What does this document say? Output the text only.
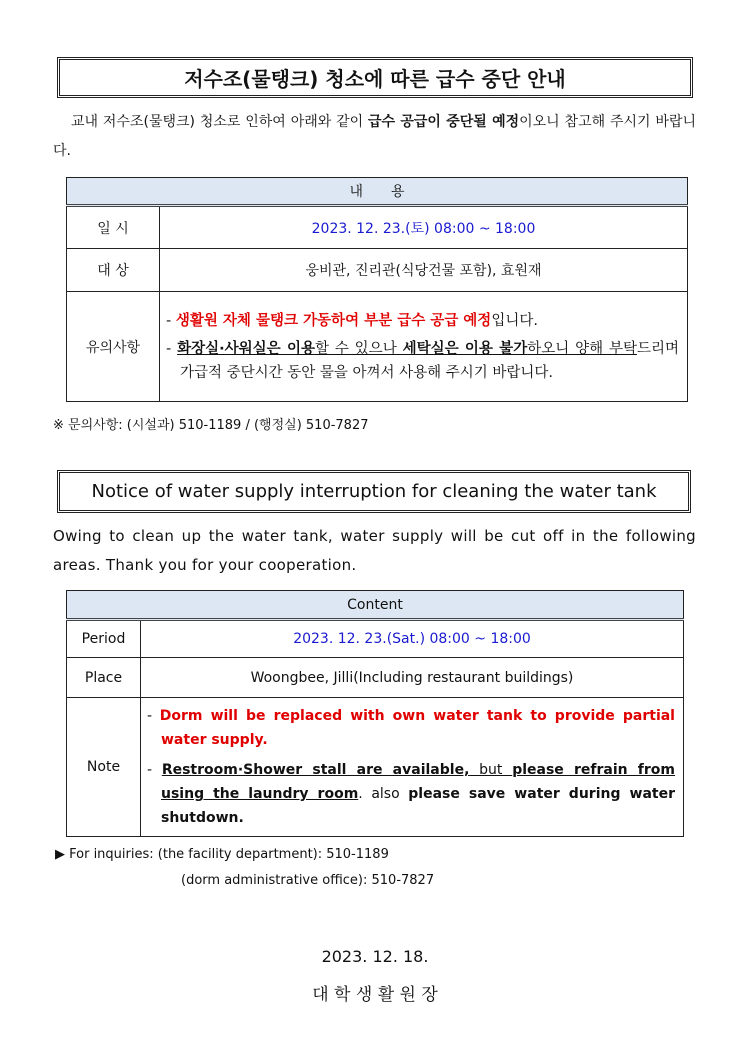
저수조(물탱크) 청소에 따른 급수 중단 안내
교내 저수조(물탱크) 청소로 인하여 아래와 같이 급수 공급이 중단될 예정이오니 참고해 주시기 바랍니다.
내　　용	
일 시	2023. 12. 23.(토) 08:00 ~ 18:00
대 상	웅비관, 진리관(식당건물 포함), 효원재
유의사항	- 생활원 자체 물탱크 가동하여 부분 급수 공급 예정입니다.
- 화장실·사워실은 이용할 수 있으나 세탁실은 이용 불가하오니 양해 부탁드리며 가급적 중단시간 동안 물을 아껴서 사용해 주시기 바랍니다.
※ 문의사항: (시설과) 510-1189 / (행정실) 510-7827
Notice of water supply interruption for cleaning the water tank
Owing to clean up the water tank, water supply will be cut off in the following areas. Thank you for your cooperation.
Content	
Period	2023. 12. 23.(Sat.) 08:00 ~ 18:00
Place	Woongbee, Jilli(Including restaurant buildings)
Note	- Dorm will be replaced with own water tank to provide partial water supply.
- Restroom·Shower stall are available, but please refrain from using the laundry room. also please save water during water shutdown.
▶ For inquiries: (the facility department): 510-1189
(dorm administrative office): 510-7827
2023. 12. 18.
대 학 생 활 원 장
